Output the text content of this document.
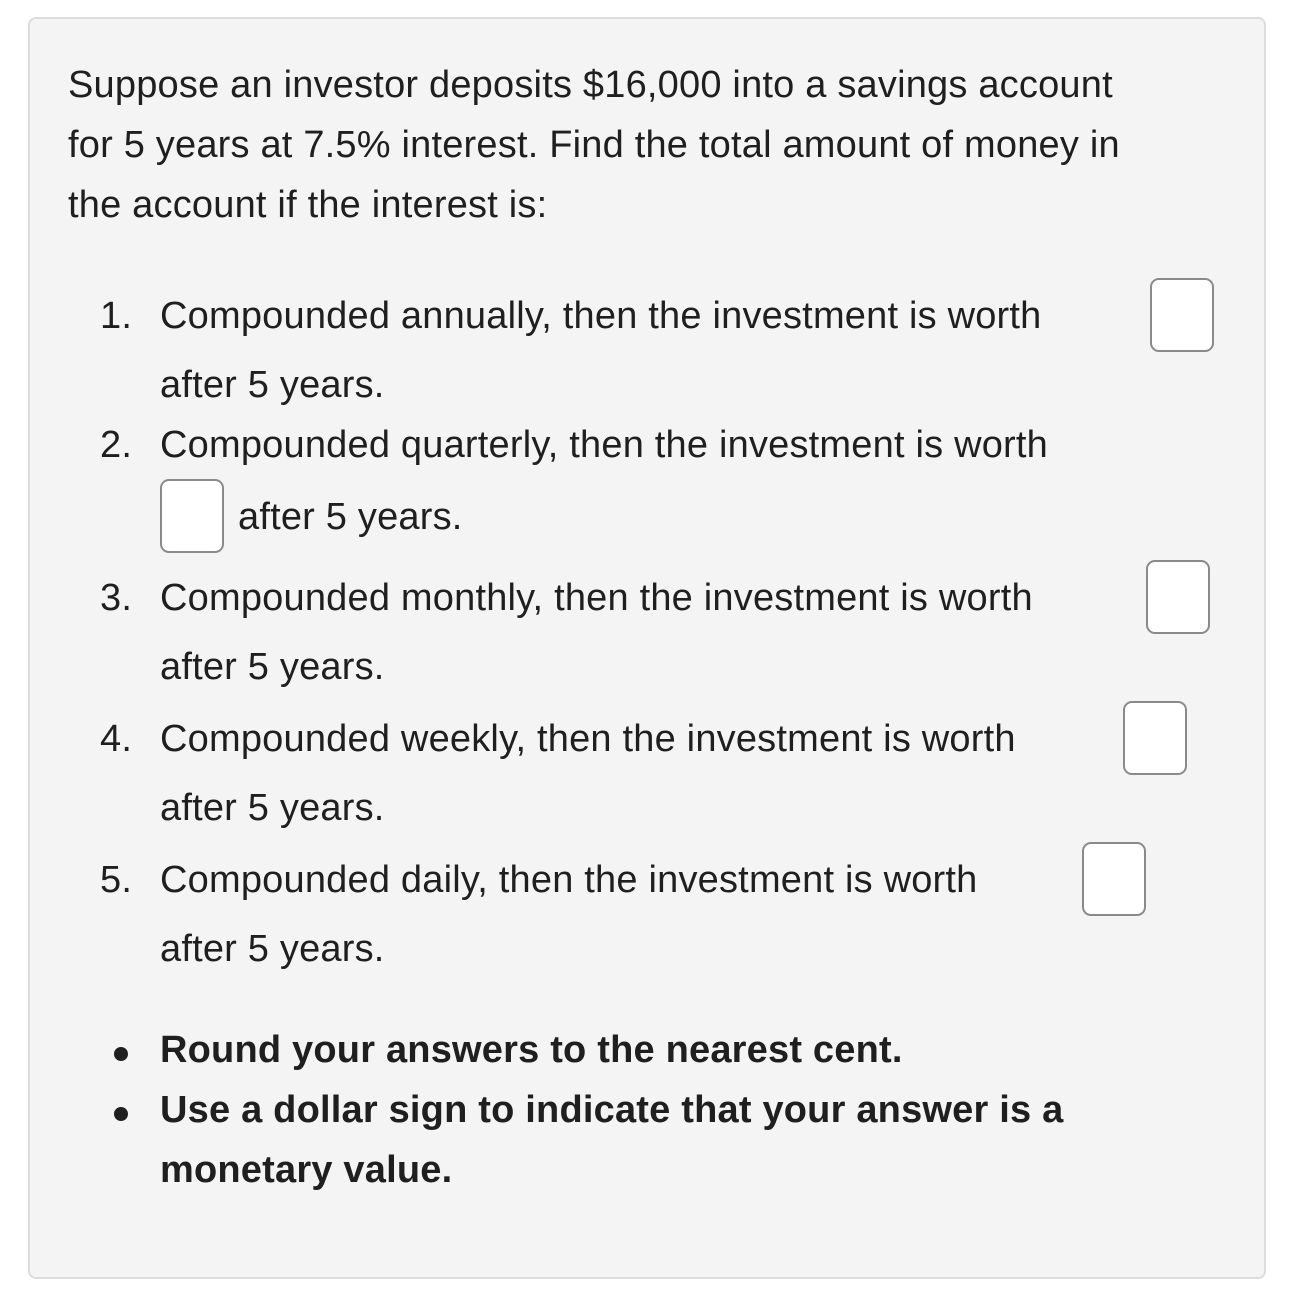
Suppose an investor deposits $16,000 into a savings account
for 5 years at 7.5% interest. Find the total amount of money in
the account if the interest is:

1. Compounded annually, then the investment is worth
after 5 years.
2. Compounded quarterly, then the investment is worth
after 5 years.
3. Compounded monthly, then the investment is worth
after 5 years.
4. Compounded weekly, then the investment is worth
after 5 years.
5. Compounded daily, then the investment is worth
after 5 years.
Round your answers to the nearest cent.
Use a dollar sign to indicate that your answer is a
monetary value.
